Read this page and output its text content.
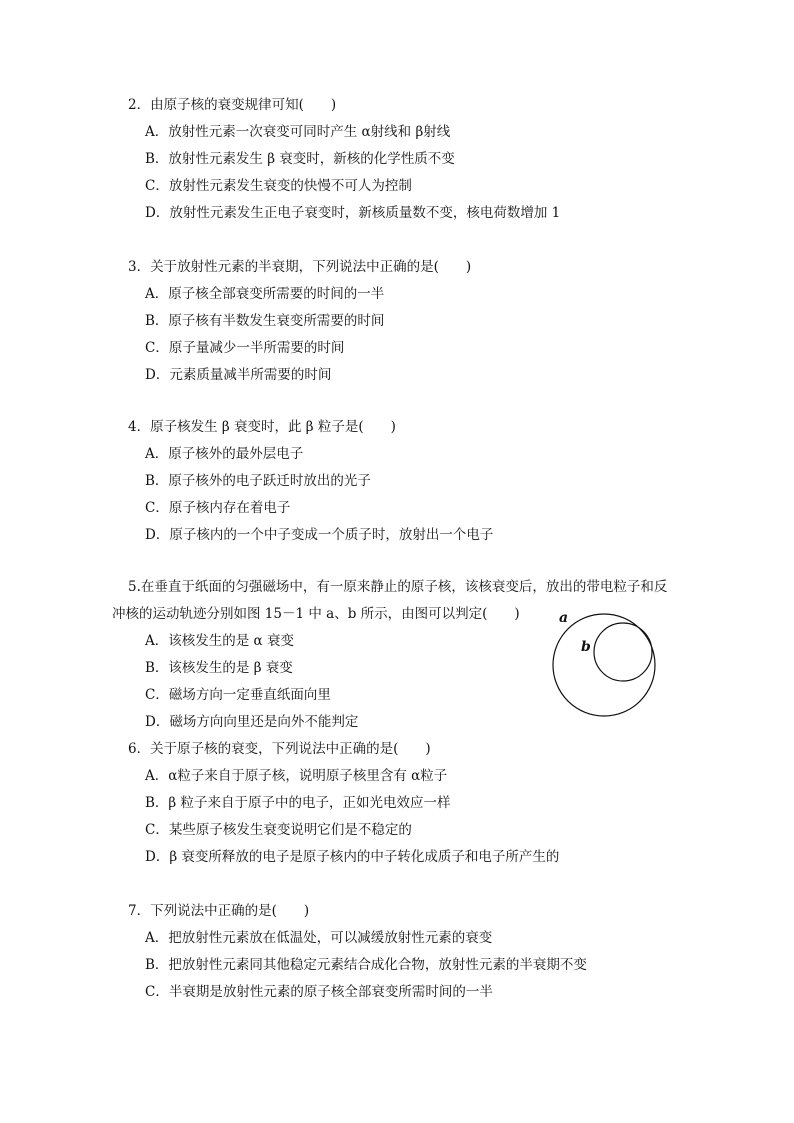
2．由原子核的衰变规律可知(　　)
A．放射性元素一次衰变可同时产生 α射线和 β射线
B．放射性元素发生 β 衰变时，新核的化学性质不变
C．放射性元素发生衰变的快慢不可人为控制
D．放射性元素发生正电子衰变时，新核质量数不变，核电荷数增加 1
3．关于放射性元素的半衰期，下列说法中正确的是(　　)
A．原子核全部衰变所需要的时间的一半
B．原子核有半数发生衰变所需要的时间
C．原子量减少一半所需要的时间
D．元素质量减半所需要的时间
4．原子核发生 β 衰变时，此 β 粒子是(　　)
A．原子核外的最外层电子
B．原子核外的电子跃迁时放出的光子
C．原子核内存在着电子
D．原子核内的一个中子变成一个质子时，放射出一个电子
5.在垂直于纸面的匀强磁场中，有一原来静止的原子核，该核衰变后，放出的带电粒子和反
冲核的运动轨迹分别如图 15－1 中 a、b 所示，由图可以判定(　　)
A．该核发生的是 α 衰变
B．该核发生的是 β 衰变
C．磁场方向一定垂直纸面向里
D．磁场方向向里还是向外不能判定
a
b
6．关于原子核的衰变，下列说法中正确的是(　　)
A．α粒子来自于原子核，说明原子核里含有 α粒子
B．β 粒子来自于原子中的电子，正如光电效应一样
C．某些原子核发生衰变说明它们是不稳定的
D．β 衰变所释放的电子是原子核内的中子转化成质子和电子所产生的
7．下列说法中正确的是(　　)
A．把放射性元素放在低温处，可以减缓放射性元素的衰变
B．把放射性元素同其他稳定元素结合成化合物，放射性元素的半衰期不变
C．半衰期是放射性元素的原子核全部衰变所需时间的一半
